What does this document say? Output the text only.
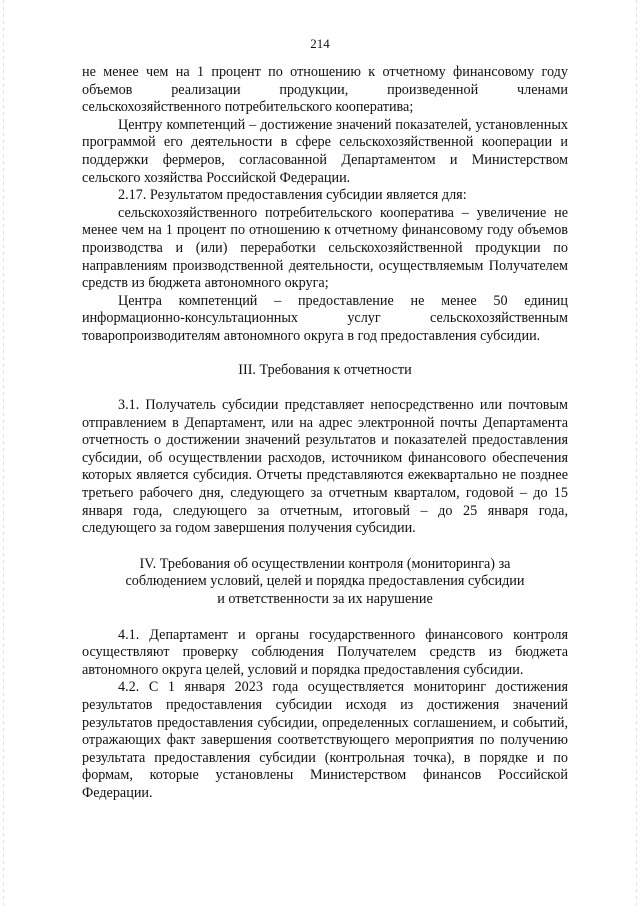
214

не менее чем на 1 процент по отношению к отчетному финансовому году объемов реализации продукции, произведенной членами сельскохозяйственного потребительского кооператива;

Центру компетенций – достижение значений показателей, установленных программой его деятельности в сфере сельскохозяйственной кооперации и поддержки фермеров, согласованной Департаментом и Министерством сельского хозяйства Российской Федерации.

2.17. Результатом предоставления субсидии является для:

сельскохозяйственного потребительского кооператива – увеличение не менее чем на 1 процент по отношению к отчетному финансовому году объемов производства и (или) переработки сельскохозяйственной продукции по направлениям производственной деятельности, осуществляемым Получателем средств из бюджета автономного округа;

Центра компетенций – предоставление не менее 50 единиц информационно-консультационных услуг сельскохозяйственным товаропроизводителям автономного округа в год предоставления субсидии.

III. Требования к отчетности

3.1. Получатель субсидии представляет непосредственно или почтовым отправлением в Департамент, или на адрес электронной почты Департамента отчетность о достижении значений результатов и показателей предоставления субсидии, об осуществлении расходов, источником финансового обеспечения которых является субсидия. Отчеты представляются ежеквартально не позднее третьего рабочего дня, следующего за отчетным кварталом, годовой – до 15 января года, следующего за отчетным, итоговый – до 25 января года, следующего за годом завершения получения субсидии.

IV. Требования об осуществлении контроля (мониторинга) за

соблюдением условий, целей и порядка предоставления субсидии

и ответственности за их нарушение

4.1. Департамент и органы государственного финансового контроля осуществляют проверку соблюдения Получателем средств из бюджета автономного округа целей, условий и порядка предоставления субсидии.

4.2. С 1 января 2023 года осуществляется мониторинг достижения результатов предоставления субсидии исходя из достижения значений результатов предоставления субсидии, определенных соглашением, и событий, отражающих факт завершения соответствующего мероприятия по получению результата предоставления субсидии (контрольная точка), в порядке и по формам, которые установлены Министерством финансов Российской Федерации.
